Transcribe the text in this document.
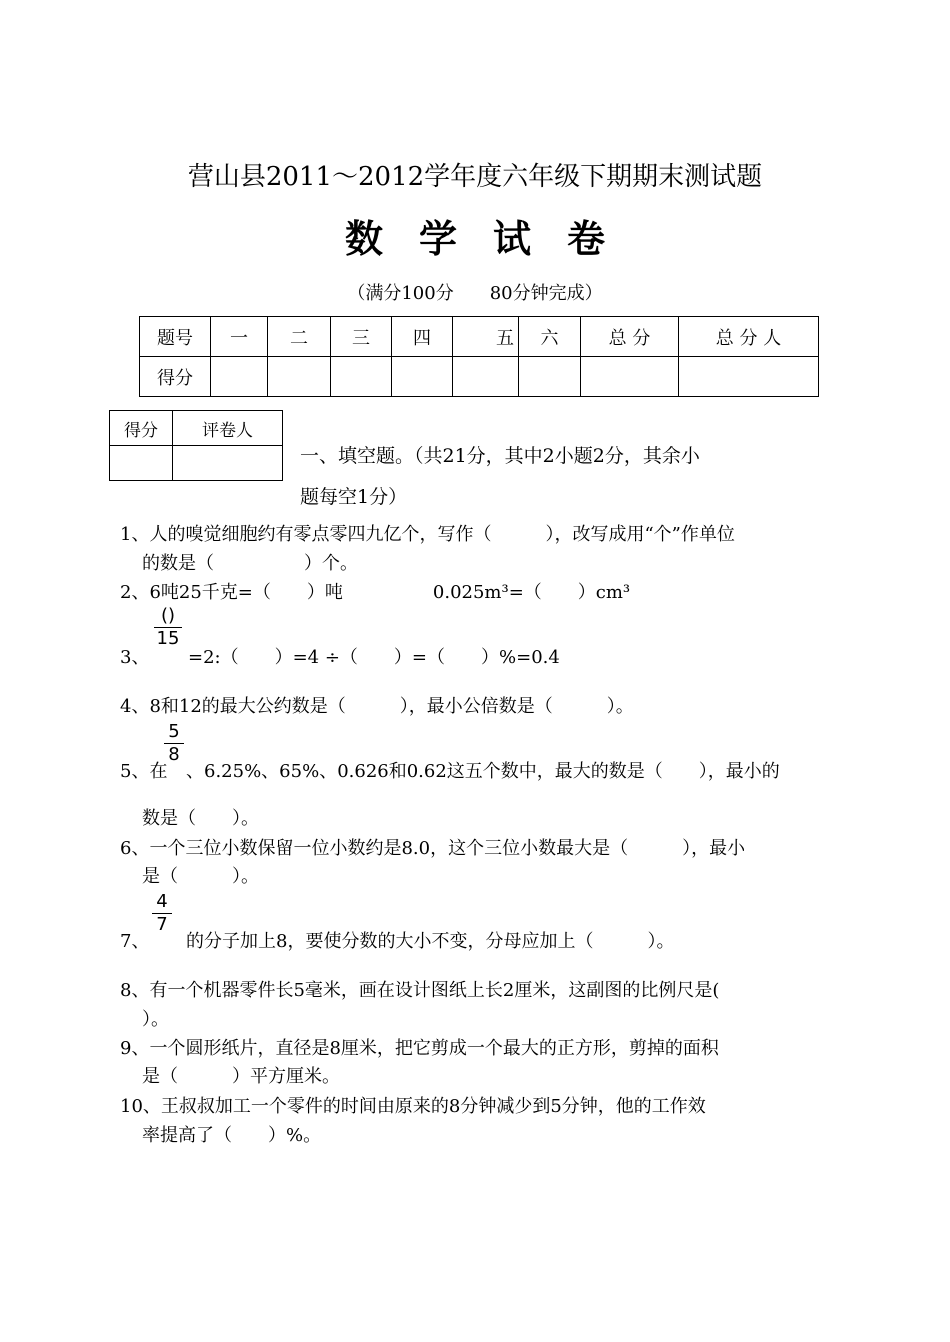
营山县2011～2012学年度六年级下期期末测试题
数学试卷
（满分100分　　80分钟完成）
题号	一	二	三	四	五	六	总 分	总 分 人
得分								
得分	评卷人

一、填空题。（共21分，其中2小题2分，其余小
题每空1分）
1、人的嗅觉细胞约有零点零四九亿个，写作（　　　），改写成用“个”作单位
的数是（　　　　　）个。
2、6吨25千克=（　　）吨　　　　　0.025m³=（　　）cm³
3、
()
15
=2:（　　）=4 ÷（　　）=（　　）%=0.4
4、8和12的最大公约数是（　　　），最小公倍数是（　　　）。
5、在
5
8
、6.25%、65%、0.626和0.62这五个数中，最大的数是（　　），最小的
数是（　　）。
6、一个三位小数保留一位小数约是8.0，这个三位小数最大是（　　　），最小
是（　　　）。
7、
4
7
的分子加上8，要使分数的大小不变，分母应加上（　　　）。
8、有一个机器零件长5毫米，画在设计图纸上长2厘米，这副图的比例尺是(
）。
9、一个圆形纸片，直径是8厘米，把它剪成一个最大的正方形，剪掉的面积
是（　　　）平方厘米。
10、王叔叔加工一个零件的时间由原来的8分钟减少到5分钟，他的工作效
率提高了（　　）%。
